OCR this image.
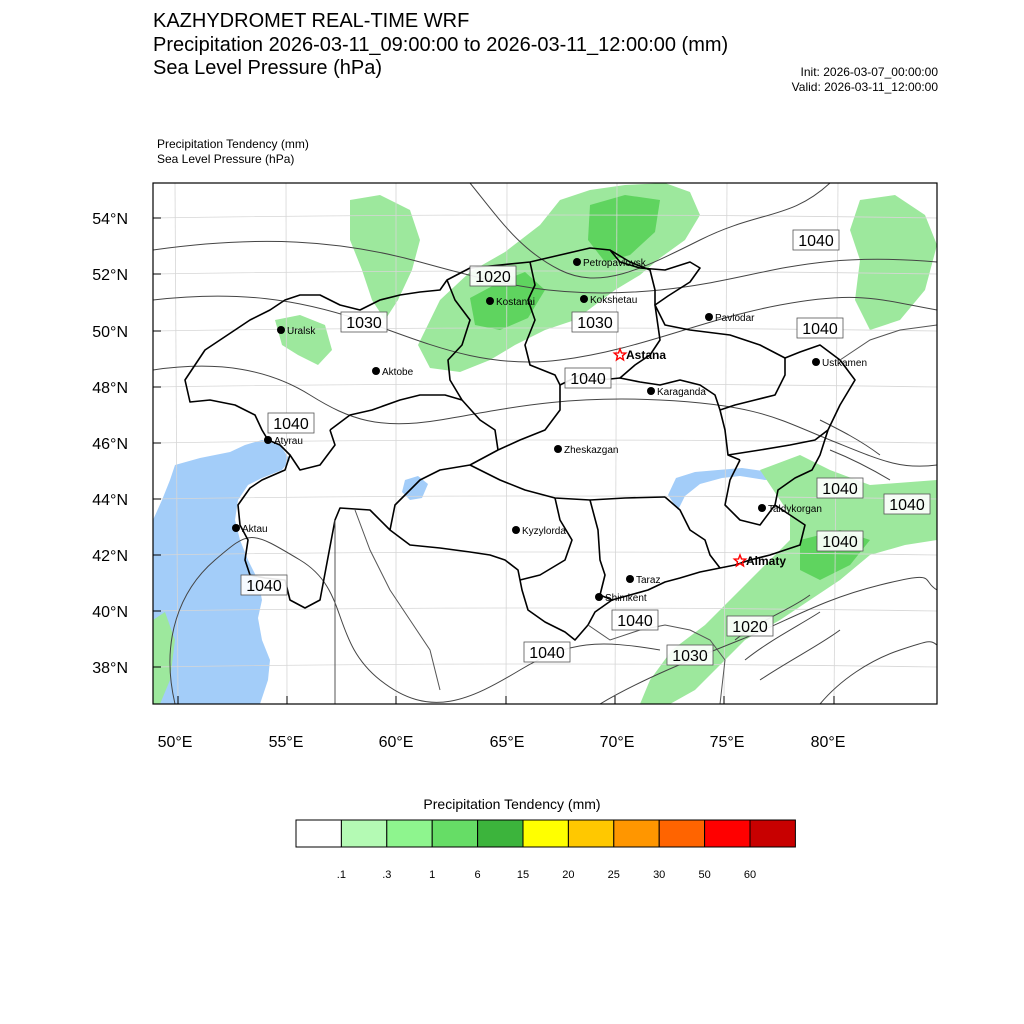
KAZHYDROMET REAL-TIME WRF
Precipitation 2026-03-11_09:00:00 to 2026-03-11_12:00:00 (mm)
Sea Level Pressure (hPa)	Init: 2026-03-07_00:00:00
Valid: 2026-03-11_12:00:00
Precipitation Tendency (mm)
Sea Level Pressure (hPa)
54°N
52°N
50°N
48°N
46°N
44°N
42°N
40°N
38°N
50°E	55°E	60°E	65°E	70°E	75°E	80°E
1040
1020
1030	1030	1040
1040
1040
1040
1040
1040
1040
1040	1020
1030
1040
Petropavlovsk
Kostanai	Kokshetau
Uralsk
Pavlodar
Astana
Aktobe
Ustkamen
Karaganda
Atyrau
Zheskazgan
Aktau	Kyzylorda
Taldykorgan
Almaty
Taraz
Shimkent
.1	.3	1	6	15	20	25	30	50	60
Precipitation Tendency (mm)
